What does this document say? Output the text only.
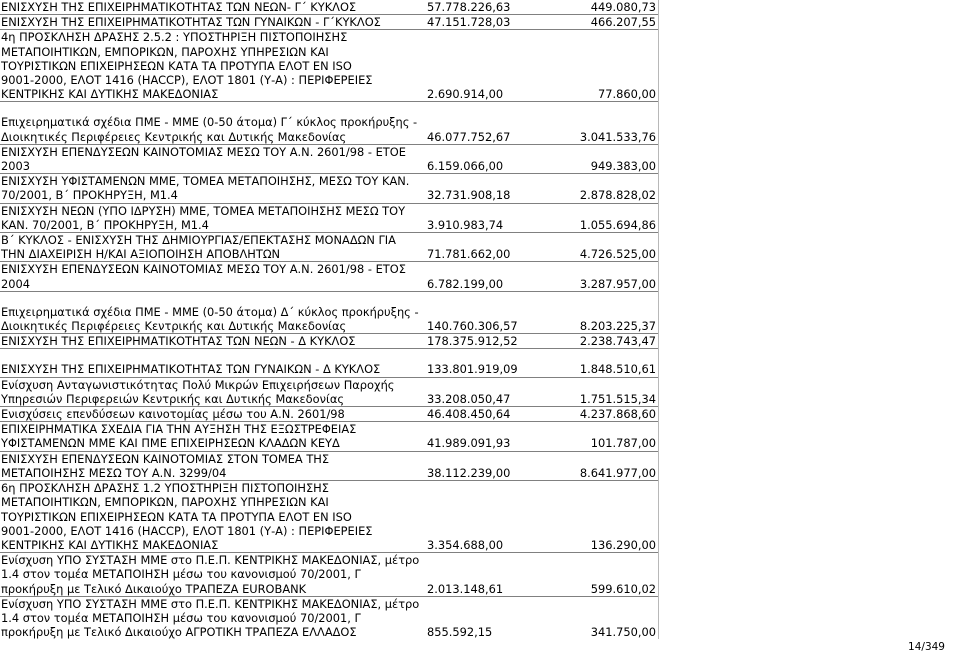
ΕΝΙΣΧΥΣΗ ΤΗΣ ΕΠΙΧΕΙΡΗΜΑΤΙΚΟΤΗΤΑΣ ΤΩΝ ΝΕΩΝ- Γ΄ ΚΥΚΛΟΣ	57.778.226,63	449.080,73
ΕΝΙΣΧΥΣΗ ΤΗΣ ΕΠΙΧΕΙΡΗΜΑΤΙΚΟΤΗΤΑΣ ΤΩΝ ΓΥΝΑΙΚΩΝ - Γ΄ΚΥΚΛΟΣ	47.151.728,03	466.207,55
4η ΠΡΟΣΚΛΗΣΗ ΔΡΑΣΗΣ 2.5.2 : ΥΠΟΣΤΗΡΙΞΗ ΠΙΣΤΟΠΟΙΗΣΗΣ
ΜΕΤΑΠΟΙΗΤΙΚΩΝ, ΕΜΠΟΡΙΚΩΝ, ΠΑΡΟΧΗΣ ΥΠΗΡΕΣΙΩΝ ΚΑΙ
ΤΟΥΡΙΣΤΙΚΩΝ ΕΠΙΧΕΙΡΗΣΕΩΝ ΚΑΤΑ ΤΑ ΠΡΟΤΥΠΑ ΕΛΟΤ ΕΝ ISO
9001-2000, ΕΛΟΤ 1416 (HACCP), ΕΛΟΤ 1801 (Υ-Α) : ΠΕΡΙΦΕΡΕΙΕΣ
ΚΕΝΤΡΙΚΗΣ ΚΑΙ ΔΥΤΙΚΗΣ ΜΑΚΕΔΟΝΙΑΣ	2.690.914,00	77.860,00
Επιχειρηματικά σχέδια ΠΜΕ - ΜΜΕ (0-50 άτομα) Γ΄ κύκλος προκήρυξης -
Διοικητικές Περιφέρειες Κεντρικής και Δυτικής Μακεδονίας	46.077.752,67	3.041.533,76
ΕΝΙΣΧΥΣΗ ΕΠΕΝΔΥΣΕΩΝ ΚΑΙΝΟΤΟΜΙΑΣ ΜΕΣΩ ΤΟΥ Α.Ν. 2601/98 - ΕΤΟΕ
2003	6.159.066,00	949.383,00
ΕΝΙΣΧΥΣΗ ΥΦΙΣΤΑΜΕΝΩΝ ΜΜΕ, ΤΟΜΕΑ ΜΕΤΑΠΟΙΗΣΗΣ, ΜΕΣΩ ΤΟΥ ΚΑΝ.
70/2001, Β΄ ΠΡΟΚΗΡΥΞΗ, Μ1.4	32.731.908,18	2.878.828,02
ΕΝΙΣΧΥΣΗ ΝΕΩΝ (ΥΠΟ ΙΔΡΥΣΗ) ΜΜΕ, ΤΟΜΕΑ ΜΕΤΑΠΟΙΗΣΗΣ ΜΕΣΩ ΤΟΥ
ΚΑΝ. 70/2001, Β΄ ΠΡΟΚΗΡΥΞΗ, Μ1.4	3.910.983,74	1.055.694,86
Β΄ ΚΥΚΛΟΣ - ΕΝΙΣΧΥΣΗ ΤΗΣ ΔΗΜΙΟΥΡΓΙΑΣ/ΕΠΕΚΤΑΣΗΣ ΜΟΝΑΔΩΝ ΓΙΑ
ΤΗΝ ΔΙΑΧΕΙΡΙΣΗ Η/ΚΑΙ ΑΞΙΟΠΟΙΗΣΗ ΑΠΟΒΛΗΤΩΝ	71.781.662,00	4.726.525,00
ΕΝΙΣΧΥΣΗ ΕΠΕΝΔΥΣΕΩΝ ΚΑΙΝΟΤΟΜΙΑΣ ΜΕΣΩ ΤΟΥ Α.Ν. 2601/98 - ΕΤΟΣ
2004	6.782.199,00	3.287.957,00
Επιχειρηματικά σχέδια ΠΜΕ - ΜΜΕ (0-50 άτομα) Δ΄ κύκλος προκήρυξης -
Διοικητικές Περιφέρειες Κεντρικής και Δυτικής Μακεδονίας	140.760.306,57	8.203.225,37
ΕΝΙΣΧΥΣΗ ΤΗΣ ΕΠΙΧΕΙΡΗΜΑΤΙΚΟΤΗΤΑΣ ΤΩΝ ΝΕΩΝ - Δ ΚΥΚΛΟΣ	178.375.912,52	2.238.743,47
ΕΝΙΣΧΥΣΗ ΤΗΣ ΕΠΙΧΕΙΡΗΜΑΤΙΚΟΤΗΤΑΣ ΤΩΝ ΓΥΝΑΙΚΩΝ - Δ ΚΥΚΛΟΣ	133.801.919,09	1.848.510,61
Ενίσχυση Ανταγωνιστικότητας Πολύ Μικρών Επιχειρήσεων Παροχής
Υπηρεσιών Περιφερειών Κεντρικής και Δυτικής Μακεδονίας	33.208.050,47	1.751.515,34
Ενισχύσεις επενδύσεων καινοτομίας μέσω του Α.Ν. 2601/98	46.408.450,64	4.237.868,60
ΕΠΙΧΕΙΡΗΜΑΤΙΚΑ ΣΧΕΔΙΑ ΓΙΑ ΤΗΝ ΑΥΞΗΣΗ ΤΗΣ ΕΞΩΣΤΡΕΦΕΙΑΣ
ΥΦΙΣΤΑΜΕΝΩΝ ΜΜΕ ΚΑΙ ΠΜΕ ΕΠΙΧΕΙΡΗΣΕΩΝ ΚΛΑΔΩΝ ΚΕΥΔ	41.989.091,93	101.787,00
ΕΝΙΣΧΥΣΗ ΕΠΕΝΔΥΣΕΩΝ ΚΑΙΝΟΤΟΜΙΑΣ ΣΤΟΝ ΤΟΜΕΑ ΤΗΣ
ΜΕΤΑΠΟΙΗΣΗΣ ΜΕΣΩ ΤΟΥ Α.Ν. 3299/04	38.112.239,00	8.641.977,00
6η ΠΡΟΣΚΛΗΣΗ ΔΡΑΣΗΣ 1.2 ΥΠΟΣΤΗΡΙΞΗ ΠΙΣΤΟΠΟΙΗΣΗΣ
ΜΕΤΑΠΟΙΗΤΙΚΩΝ, ΕΜΠΟΡΙΚΩΝ, ΠΑΡΟΧΗΣ ΥΠΗΡΕΣΙΩΝ ΚΑΙ
ΤΟΥΡΙΣΤΙΚΩΝ ΕΠΙΧΕΙΡΗΣΕΩΝ ΚΑΤΑ ΤΑ ΠΡΟΤΥΠΑ ΕΛΟΤ ΕΝ ISO
9001-2000, ΕΛΟΤ 1416 (HACCP), ΕΛΟΤ 1801 (Υ-Α) : ΠΕΡΙΦΕΡΕΙΕΣ
ΚΕΝΤΡΙΚΗΣ ΚΑΙ ΔΥΤΙΚΗΣ ΜΑΚΕΔΟΝΙΑΣ	3.354.688,00	136.290,00
Ενίσχυση ΥΠΟ ΣΥΣΤΑΣΗ ΜΜΕ στο Π.Ε.Π. ΚΕΝΤΡΙΚΗΣ ΜΑΚΕΔΟΝΙΑΣ, μέτρο
1.4 στον τομέα ΜΕΤΑΠΟΙΗΣΗ μέσω του κανονισμού 70/2001, Γ
προκήρυξη με Τελικό Δικαιούχο ΤΡΑΠΕΖΑ EUROBANK	2.013.148,61	599.610,02
Ενίσχυση ΥΠΟ ΣΥΣΤΑΣΗ ΜΜΕ στο Π.Ε.Π. ΚΕΝΤΡΙΚΗΣ ΜΑΚΕΔΟΝΙΑΣ, μέτρο
1.4 στον τομέα ΜΕΤΑΠΟΙΗΣΗ μέσω του κανονισμού 70/2001, Γ
προκήρυξη με Τελικό Δικαιούχο ΑΓΡΟΤΙΚΗ ΤΡΑΠΕΖΑ ΕΛΛΑΔΟΣ	855.592,15	341.750,00
14/349
